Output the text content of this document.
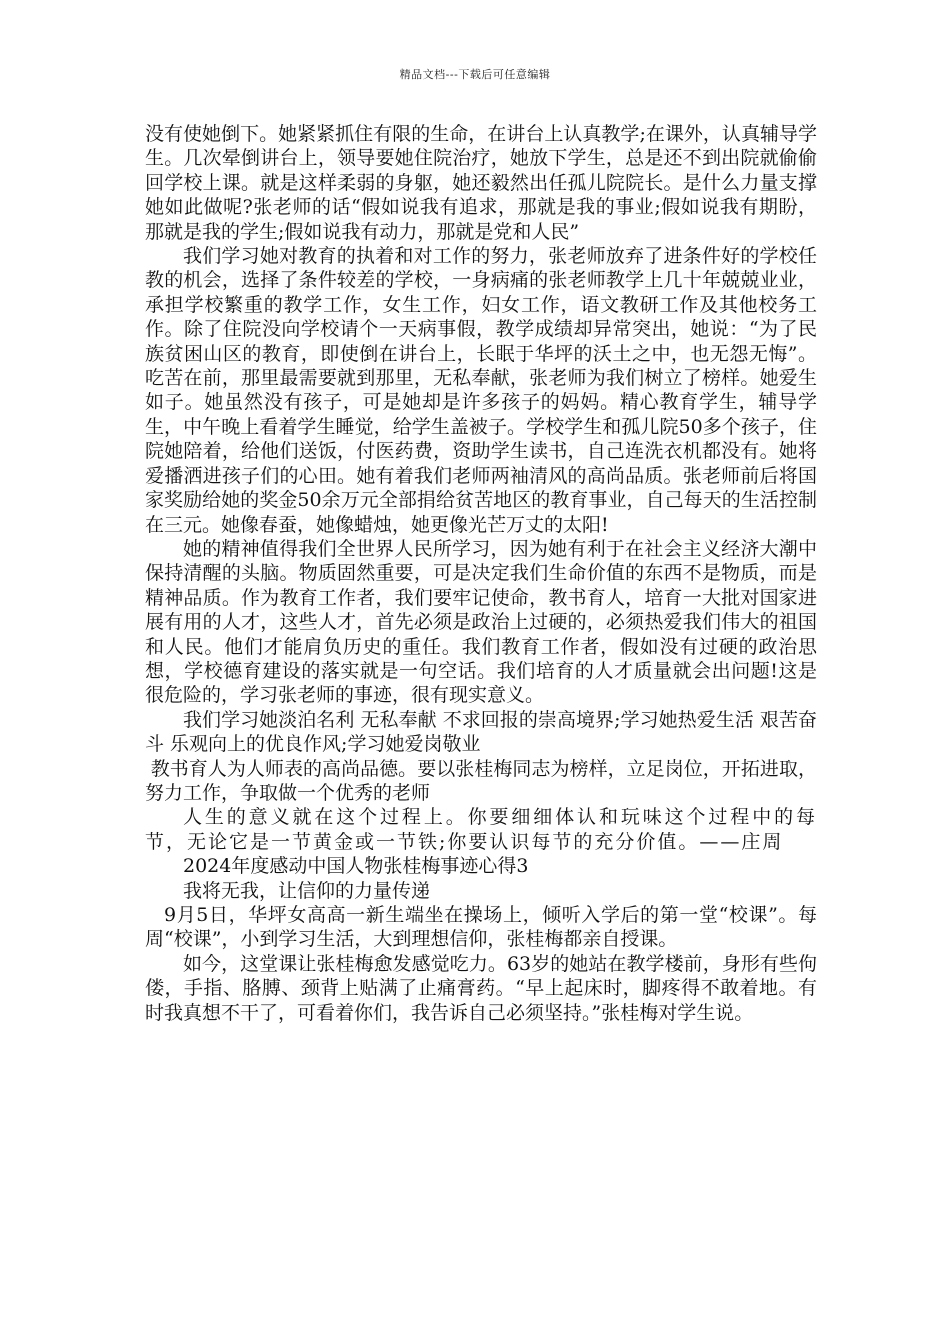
精品文档---下载后可任意编辑

没有使她倒下。她紧紧抓住有限的生命，在讲台上认真教学;在课外，认真辅导学生。几次晕倒讲台上，领导要她住院治疗，她放下学生，总是还不到出院就偷偷回学校上课。就是这样柔弱的身躯，她还毅然出任孤儿院院长。是什么力量支撑她如此做呢?张老师的话“假如说我有追求，那就是我的事业;假如说我有期盼，那就是我的学生;假如说我有动力，那就是党和人民”

我们学习她对教育的执着和对工作的努力，张老师放弃了进条件好的学校任教的机会，选择了条件较差的学校，一身病痛的张老师教学上几十年兢兢业业，承担学校繁重的教学工作，女生工作，妇女工作，语文教研工作及其他校务工作。除了住院没向学校请个一天病事假，教学成绩却异常突出，她说：“为了民族贫困山区的教育，即使倒在讲台上，长眠于华坪的沃土之中，也无怨无悔”。吃苦在前，那里最需要就到那里，无私奉献，张老师为我们树立了榜样。她爱生如子。她虽然没有孩子，可是她却是许多孩子的妈妈。精心教育学生，辅导学生，中午晚上看着学生睡觉，给学生盖被子。学校学生和孤儿院50多个孩子，住院她陪着，给他们送饭，付医药费，资助学生读书，自己连洗衣机都没有。她将爱播洒进孩子们的心田。她有着我们老师两袖清风的高尚品质。张老师前后将国家奖励给她的奖金50余万元全部捐给贫苦地区的教育事业，自己每天的生活控制在三元。她像春蚕，她像蜡烛，她更像光芒万丈的太阳!

她的精神值得我们全世界人民所学习，因为她有利于在社会主义经济大潮中保持清醒的头脑。物质固然重要，可是决定我们生命价值的东西不是物质，而是精神品质。作为教育工作者，我们要牢记使命，教书育人，培育一大批对国家进展有用的人才，这些人才，首先必须是政治上过硬的，必须热爱我们伟大的祖国和人民。他们才能肩负历史的重任。我们教育工作者，假如没有过硬的政治思想，学校德育建设的落实就是一句空话。我们培育的人才质量就会出问题!这是很危险的，学习张老师的事迹，很有现实意义。

我们学习她淡泊名利 无私奉献 不求回报的崇高境界;学习她热爱生活 艰苦奋斗 乐观向上的优良作风;学习她爱岗敬业

教书育人为人师表的高尚品德。要以张桂梅同志为榜样，立足岗位，开拓进取，努力工作，争取做一个优秀的老师

人生的意义就在这个过程上。你要细细体认和玩味这个过程中的每节，无论它是一节黄金或一节铁;你要认识每节的充分价值。——庄周

2024年度感动中国人物张桂梅事迹心得3

我将无我，让信仰的力量传递

9月5日，华坪女高高一新生端坐在操场上，倾听入学后的第一堂“校课”。每周“校课”，小到学习生活，大到理想信仰，张桂梅都亲自授课。

如今，这堂课让张桂梅愈发感觉吃力。63岁的她站在教学楼前，身形有些佝偻，手指、胳膊、颈背上贴满了止痛膏药。“早上起床时，脚疼得不敢着地。有时我真想不干了，可看着你们，我告诉自己必须坚持。”张桂梅对学生说。
